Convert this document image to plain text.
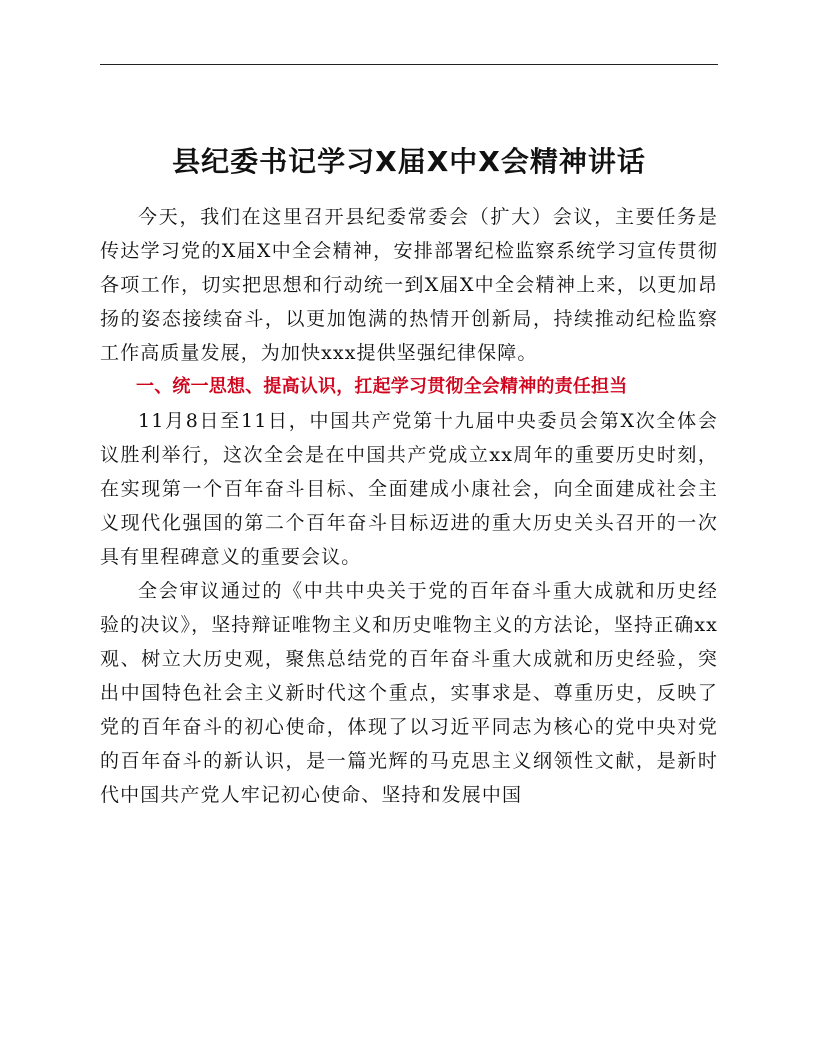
县纪委书记学习X届X中X会精神讲话

今天，我们在这里召开县纪委常委会（扩大）会议，主要任务是传达学习党的X届X中全会精神，安排部署纪检监察系统学习宣传贯彻各项工作，切实把思想和行动统一到X届X中全会精神上来，以更加昂扬的姿态接续奋斗，以更加饱满的热情开创新局，持续推动纪检监察工作高质量发展，为加快xxx提供坚强纪律保障。

一、统一思想、提高认识，扛起学习贯彻全会精神的责任担当

11月8日至11日，中国共产党第十九届中央委员会第X次全体会议胜利举行，这次全会是在中国共产党成立xx周年的重要历史时刻，在实现第一个百年奋斗目标、全面建成小康社会，向全面建成社会主义现代化强国的第二个百年奋斗目标迈进的重大历史关头召开的一次具有里程碑意义的重要会议。

全会审议通过的《中共中央关于党的百年奋斗重大成就和历史经验的决议》，坚持辩证唯物主义和历史唯物主义的方法论，坚持正确xx观、树立大历史观，聚焦总结党的百年奋斗重大成就和历史经验，突出中国特色社会主义新时代这个重点，实事求是、尊重历史，反映了党的百年奋斗的初心使命，体现了以习近平同志为核心的党中央对党的百年奋斗的新认识，是一篇光辉的马克思主义纲领性文献，是新时代中国共产党人牢记初心使命、坚持和发展中国
